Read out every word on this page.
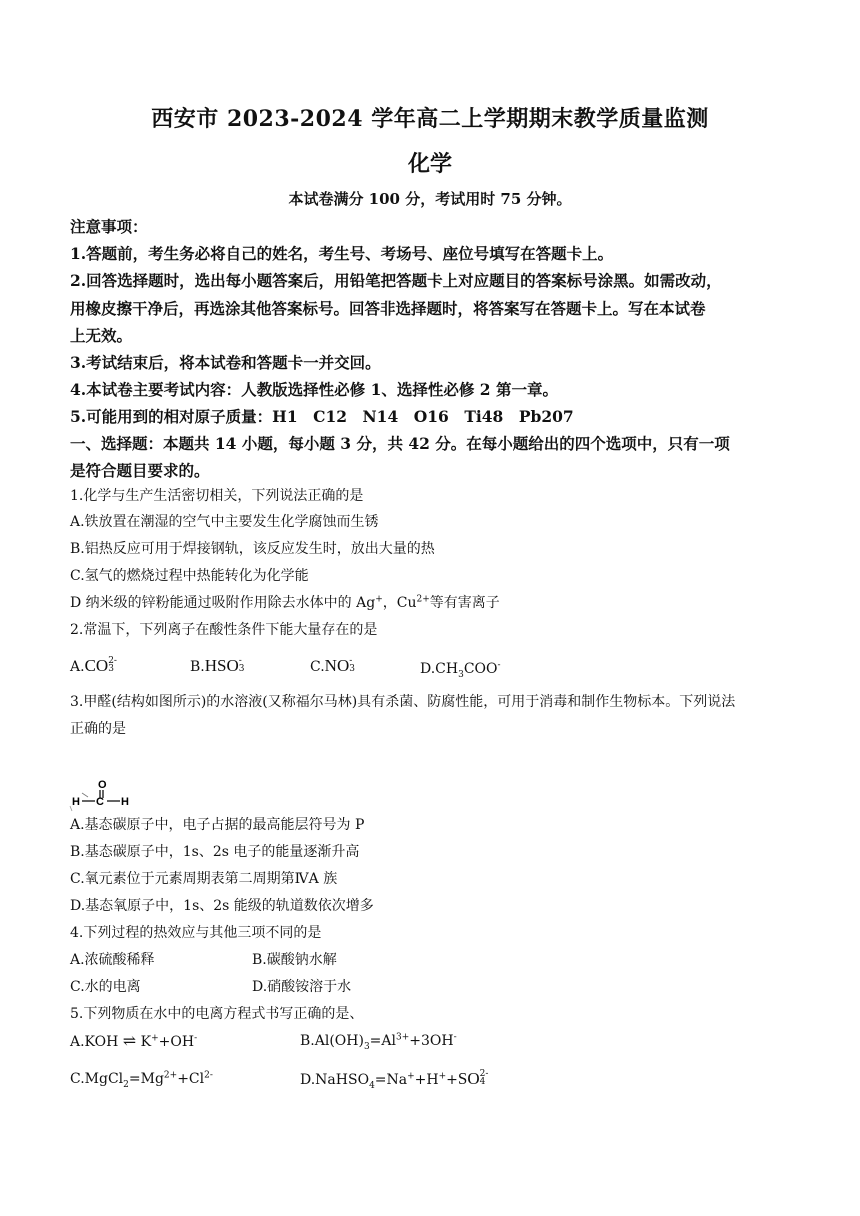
西安市 2023-2024 学年高二上学期期末教学质量监测
化学
本试卷满分 100 分，考试用时 75 分钟。
注意事项：
1.答题前，考生务必将自己的姓名，考生号、考场号、座位号填写在答题卡上。
2.回答选择题时，选出每小题答案后，用铅笔把答题卡上对应题目的答案标号涂黑。如需改动，
用橡皮擦干净后，再选涂其他答案标号。回答非选择题时，将答案写在答题卡上。写在本试卷
上无效。
3.考试结束后，将本试卷和答题卡一并交回。
4.本试卷主要考试内容：人教版选择性必修 1、选择性必修 2 第一章。
5.可能用到的相对原子质量：H1　C12　N14　O16　Ti48　Pb207
一、选择题：本题共 14 小题，每小题 3 分，共 42 分。在每小题给出的四个选项中，只有一项
是符合题目要求的。
1.化学与生产生活密切相关，下列说法正确的是
A.铁放置在潮湿的空气中主要发生化学腐蚀而生锈
B.铝热反应可用于焊接钢轨，该反应发生时，放出大量的热
C.氢气的燃烧过程中热能转化为化学能
D 纳米级的锌粉能通过吸附作用除去水体中的 Ag+，$Cu^{2+}$等有害离子
2.常温下，下列离子在酸性条件下能大量存在的是
A.CO 2-
3	B.HSO -
3	C.NO -
3	$D.CH_3COO^-$
3.甲醛(结构如图所示)的水溶液(又称福尔马林)具有杀菌、防腐性能，可用于消毒和制作生物标本。下列说法
正确的是
O
H C H
A.基态碳原子中，电子占据的最高能层符号为 P
B.基态碳原子中，1s、2s 电子的能量逐渐升高
C.氧元素位于元素周期表第二周期第ⅣA 族
D.基态氧原子中，1s、2s 能级的轨道数依次增多
4.下列过程的热效应与其他三项不同的是
A.浓硫酸稀释	B.碳酸钠水解
C.水的电离	D.硝酸铵溶于水
5.下列物质在水中的电离方程式书写正确的是、
A.KOH ⇌ K++OH-	$B.Al(OH)_3=Al^{3+}+3OH^-$
$C.MgCl_2=Mg^{2+}+Cl^{2-}$	D.NaHSO$_4$=Na++H++SO 2-
4
